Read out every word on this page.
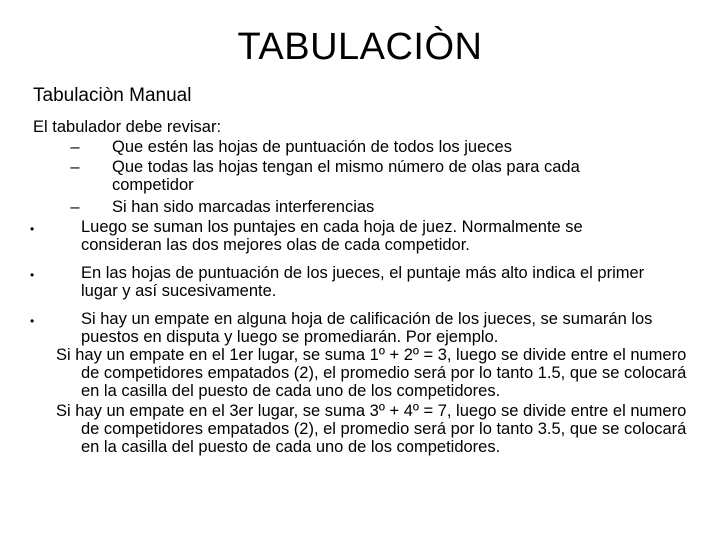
TABULACIÒN
Tabulaciòn Manual
El tabulador debe revisar:
– Que estén las hojas de puntuación de todos los jueces
– Que todas las hojas tengan el mismo número de olas para cada competidor
– Si han sido marcadas interferencias
•	Luego se suman los puntajes en cada hoja de juez. Normalmente se consideran las dos mejores olas de cada competidor.
•	En las hojas de puntuación de los jueces, el puntaje más alto indica el primer lugar y así sucesivamente.
•	Si hay un empate en alguna hoja de calificación de los jueces, se sumarán los puestos en disputa y luego se promediarán. Por ejemplo.
Si hay un empate en el 1er lugar, se suma 1º + 2º = 3, luego se divide entre el numero de competidores empatados (2), el promedio será por lo tanto 1.5, que se colocará en la casilla del puesto de cada uno de los competidores.
Si hay un empate en el 3er lugar, se suma 3º + 4º = 7, luego se divide entre el numero de competidores empatados (2), el promedio será por lo tanto 3.5, que se colocará en la casilla del puesto de cada uno de los competidores.
